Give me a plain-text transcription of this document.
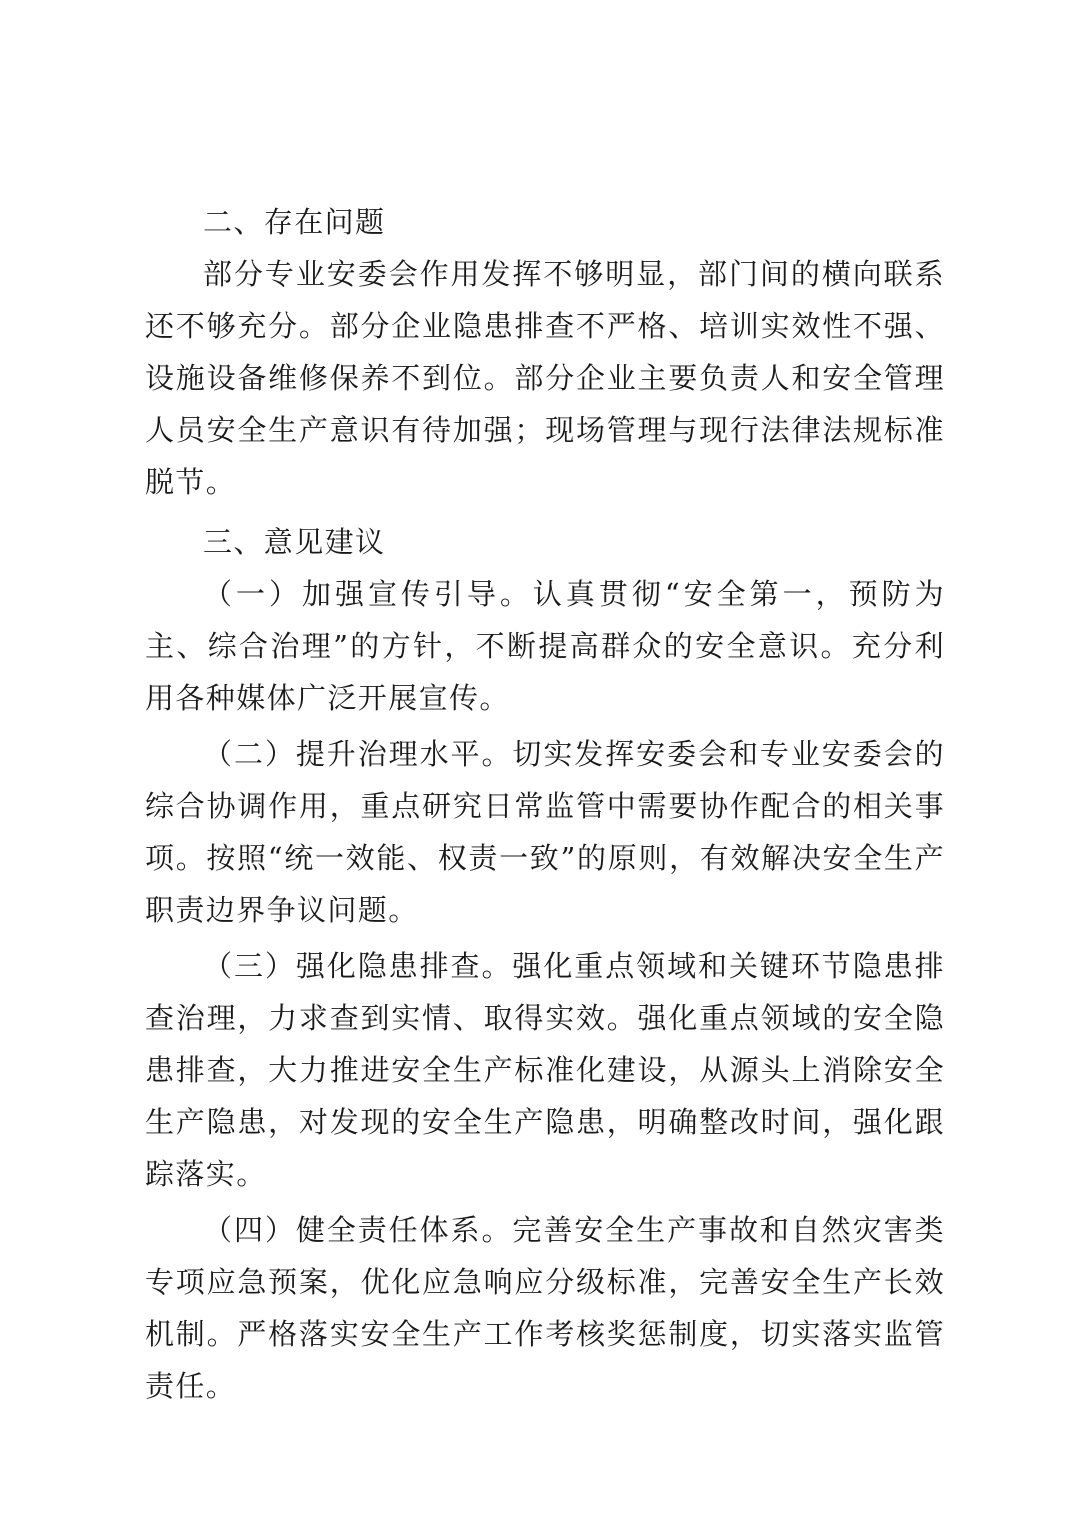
二、存在问题

部分专业安委会作用发挥不够明显，部门间的横向联系还不够充分。部分企业隐患排查不严格、培训实效性不强、设施设备维修保养不到位。部分企业主要负责人和安全管理人员安全生产意识有待加强；现场管理与现行法律法规标准脱节。

三、意见建议

（一）加强宣传引导。认真贯彻“安全第一，预防为主、综合治理”的方针，不断提高群众的安全意识。充分利用各种媒体广泛开展宣传。

（二）提升治理水平。切实发挥安委会和专业安委会的综合协调作用，重点研究日常监管中需要协作配合的相关事项。按照“统一效能、权责一致”的原则，有效解决安全生产职责边界争议问题。

（三）强化隐患排查。强化重点领域和关键环节隐患排查治理，力求查到实情、取得实效。强化重点领域的安全隐患排查，大力推进安全生产标准化建设，从源头上消除安全生产隐患，对发现的安全生产隐患，明确整改时间，强化跟踪落实。

（四）健全责任体系。完善安全生产事故和自然灾害类专项应急预案，优化应急响应分级标准，完善安全生产长效机制。严格落实安全生产工作考核奖惩制度，切实落实监管责任。
